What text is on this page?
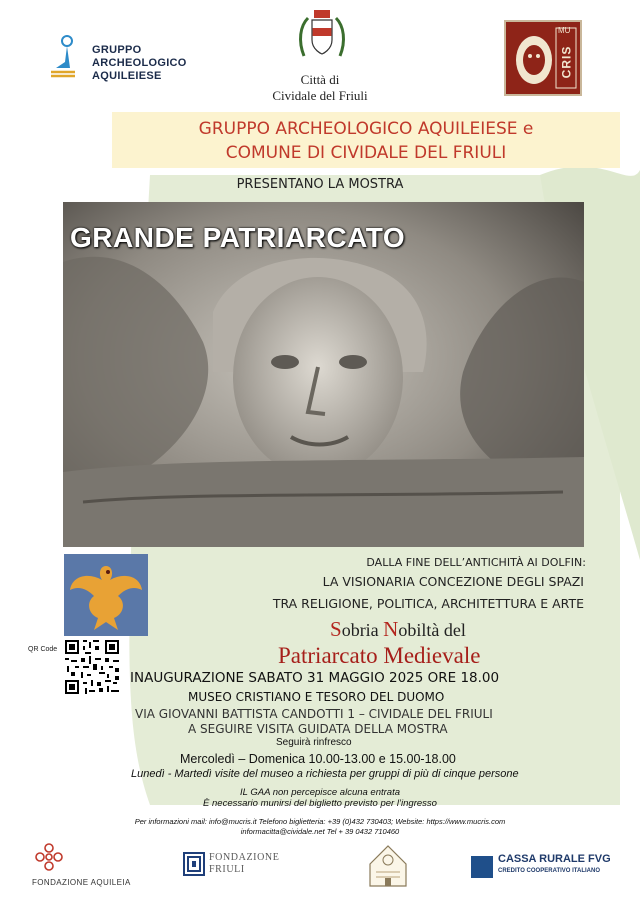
GRUPPO
ARCHEOLOGICO
AQUILEIESE	Città di
Cividale del Friuli
MU
CRIS
GRUPPO ARCHEOLOGICO AQUILEIESE e
COMUNE DI CIVIDALE DEL FRIULI
PRESENTANO LA MOSTRA
GRANDE PATRIARCATO
DALLA FINE DELL’ANTICHITÀ AI DOLFIN:
LA VISIONARIA CONCEZIONE DEGLI SPAZI
TRA RELIGIONE, POLITICA, ARCHITETTURA E ARTE
Sobria Nobiltà del
Patriarcato Medievale
QR Code
INAUGURAZIONE SABATO 31 MAGGIO 2025 ORE 18.00
MUSEO CRISTIANO E TESORO DEL DUOMO
VIA GIOVANNI BATTISTA CANDOTTI 1 – CIVIDALE DEL FRIULI
A SEGUIRE VISITA GUIDATA DELLA MOSTRA
Seguirà rinfresco
Mercoledì – Domenica 10.00-13.00 e 15.00-18.00
Lunedì - Martedì visite del museo a richiesta per gruppi di più di cinque persone
IL GAA non percepisce alcuna entrata
È necessario munirsi del biglietto previsto per l’ingresso
Per informazioni mail: info@mucris.it Telefono biglietteria: +39 (0)432 730403; Website: https://www.mucris.com
informacitta@cividale.net Tel + 39 0432 710460
FONDAZIONE AQUILEIA
FONDAZIONE
FRIULI
CASSA RURALE FVG
CREDITO COOPERATIVO ITALIANO
